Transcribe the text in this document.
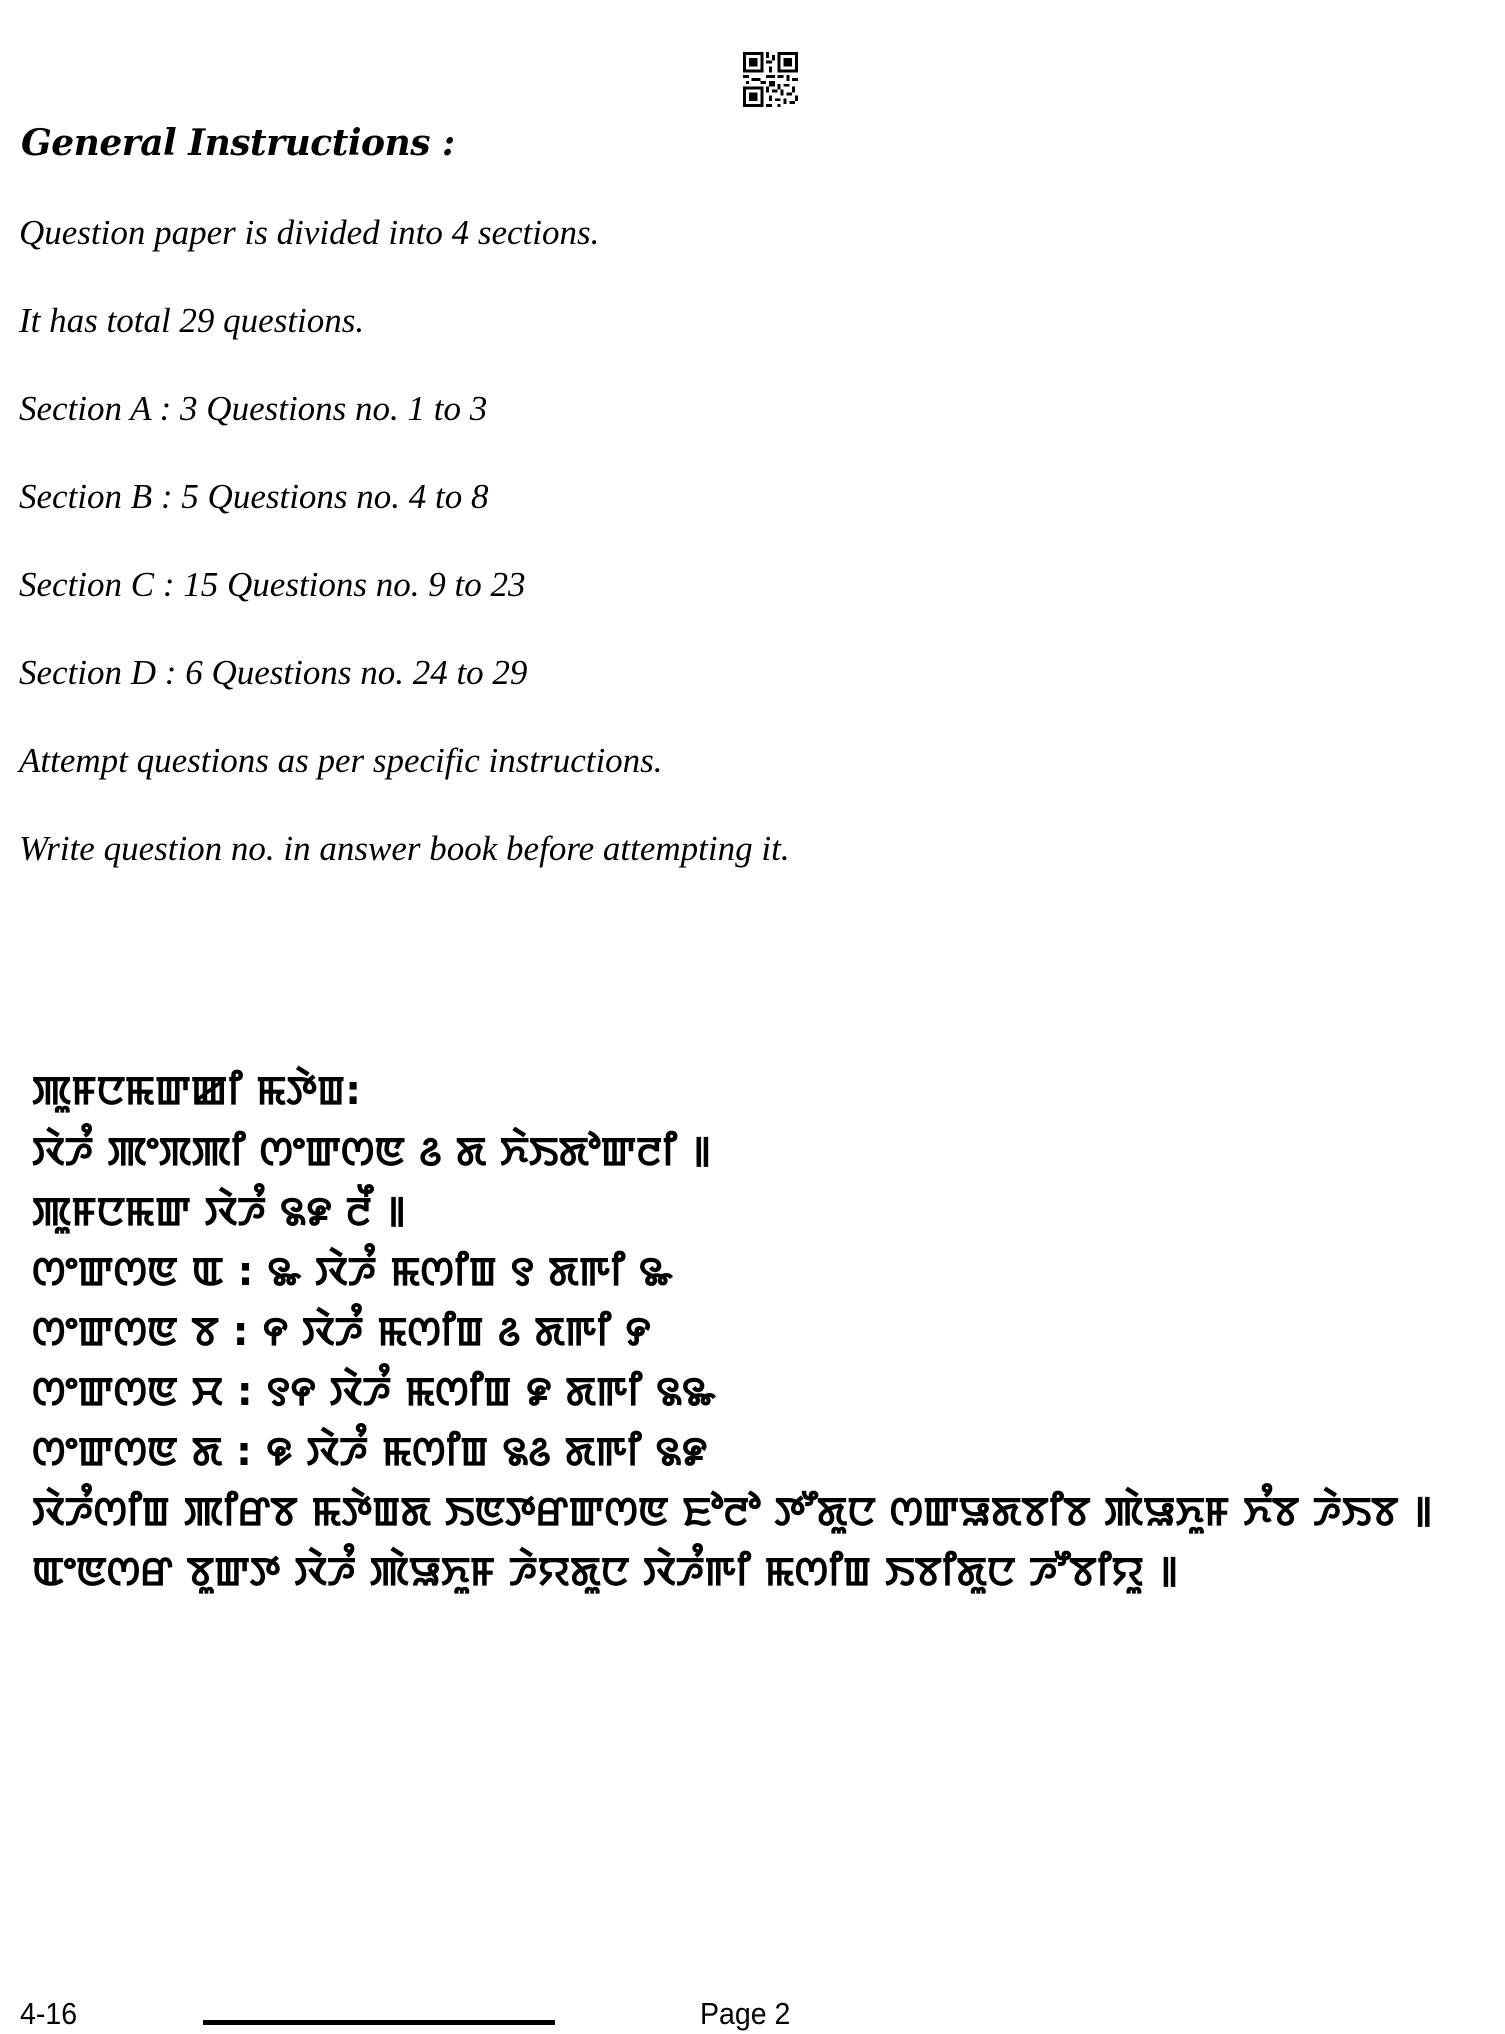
General Instructions :
Question paper is divided into 4 sections.
It has total 29 questions.
Section A : 3 Questions no. 1 to 3
Section B : 5 Questions no. 4 to 8
Section C : 15 Questions no. 9 to 23
Section D : 6 Questions no. 24 to 29
Attempt questions as per specific instructions.
Write question no. in answer book before attempting it.
ꯄꯨꯝꯅꯃꯛꯀꯤ ꯃꯇꯥꯡ:
ꯋꯥꯍꯪ ꯄꯦꯞꯄꯤ ꯁꯦꯛꯁꯟ ꯴ ꯗ ꯈꯥꯏꯗꯣꯛꯂꯤ ꯫
ꯄꯨꯝꯅꯃꯛ ꯋꯥꯍꯪ ꯲꯹ ꯂꯩ ꯫
ꯁꯦꯛꯁꯟ ꯑ : ꯳ ꯋꯥꯍꯪ ꯃꯁꯤꯡ ꯱ ꯗꯒꯤ ꯳
ꯁꯦꯛꯁꯟ ꯕ : ꯵ ꯋꯥꯍꯪ ꯃꯁꯤꯡ ꯴ ꯗꯒꯤ ꯸
ꯁꯦꯛꯁꯟ ꯆ : ꯱꯵ ꯋꯥꯍꯪ ꯃꯁꯤꯡ ꯹ ꯗꯒꯤ ꯲꯳
ꯁꯦꯛꯁꯟ ꯗ : ꯶ ꯋꯥꯍꯪ ꯃꯁꯤꯡ ꯲꯴ ꯗꯒꯤ ꯲꯹
ꯋꯥꯍꯪꯁꯤꯡ ꯄꯤꯔꯕ ꯃꯇꯥꯡꯗ ꯏꯟꯇꯔꯛꯁꯟ ꯐꯣꯂꯣ ꯇꯧꯗꯨꯅ ꯁꯛꯎꯗꯕꯤꯕ ꯄꯥꯎꯈꯨꯝ ꯈꯪꯕ ꯍꯥꯏꯕ ꯫
ꯑꯦꯟꯁꯔ ꯕꯨꯛꯇ ꯋꯥꯍꯪ ꯄꯥꯎꯈꯨꯝ ꯍꯥꯌꯗꯨꯅ ꯋꯥꯍꯪꯒꯤ ꯃꯁꯤꯡ ꯏꯕꯤꯗꯨꯅ ꯍꯧꯕꯤꯌꯨ ꯫
4-16	Page 2
